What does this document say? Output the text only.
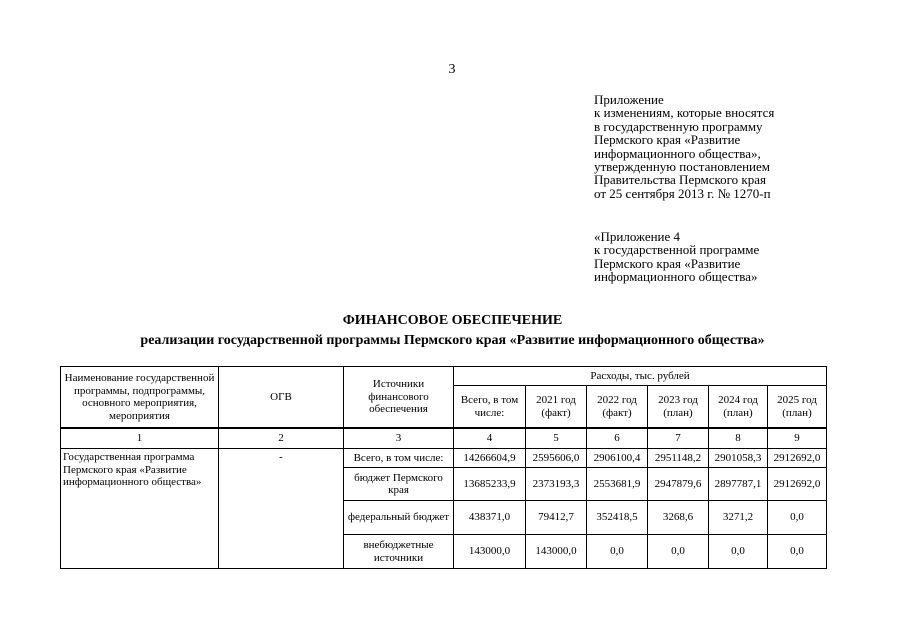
3
Приложение
к изменениям, которые вносятся
в государственную программу
Пермского края «Развитие
информационного общества»,
утвержденную постановлением
Правительства Пермского края
от 25 сентября 2013 г. № 1270-п
«Приложение 4
к государственной программе
Пермского края «Развитие
информационного общества»
ФИНАНСОВОЕ ОБЕСПЕЧЕНИЕ
реализации государственной программы Пермского края «Развитие информационного общества»
Наименование государственной программы, подпрограммы, основного мероприятия, мероприятия	ОГВ	Источники финансового обеспечения	Расходы, тыс. рублей					
			Всего, в том числе:	2021 год (факт)	2022 год (факт)	2023 год (план)	2024 год (план)	2025 год (план)
1	2	3	4	5	6	7	8	9
Государственная программа Пермского края «Развитие информационного общества»	-	Всего, в том числе:	14266604,9	2595606,0	2906100,4	2951148,2	2901058,3	2912692,0
		бюджет Пермского края	13685233,9	2373193,3	2553681,9	2947879,6	2897787,1	2912692,0
		федеральный бюджет	438371,0	79412,7	352418,5	3268,6	3271,2	0,0
		внебюджетные источники	143000,0	143000,0	0,0	0,0	0,0	0,0
